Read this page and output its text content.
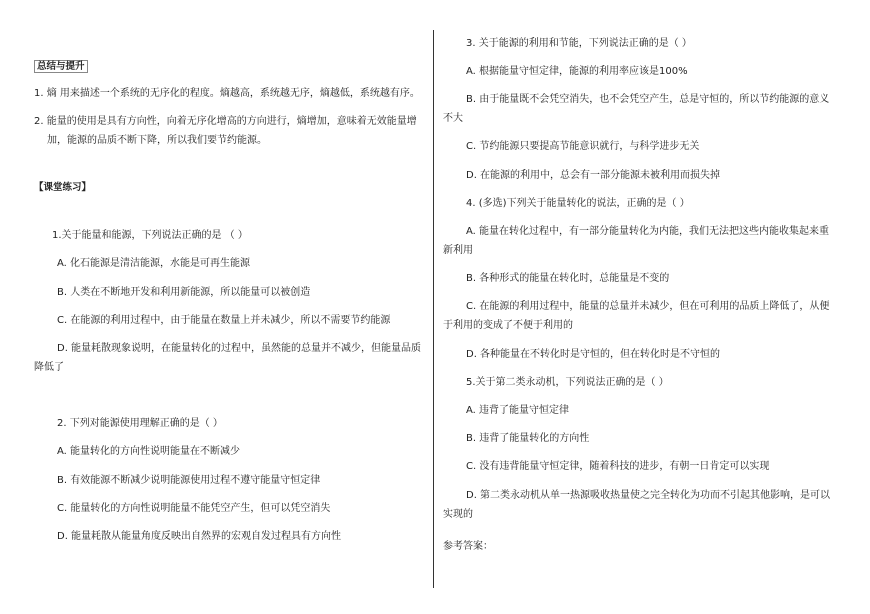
总结与提升
1. 熵 用来描述一个系统的无序化的程度。熵越高，系统越无序，熵越低，系统越有序。
2. 能量的使用是具有方向性，向着无序化增高的方向进行，熵增加，意味着无效能量增
加，能源的品质不断下降，所以我们要节约能源。
【课堂练习】
1.关于能量和能源，下列说法正确的是 （ ）
A. 化石能源是清洁能源，水能是可再生能源
B. 人类在不断地开发和利用新能源，所以能量可以被创造
C. 在能源的利用过程中，由于能量在数量上并未减少，所以不需要节约能源
D. 能量耗散现象说明，在能量转化的过程中，虽然能的总量并不减少，但能量品质
降低了
2. 下列对能源使用理解正确的是（ ）
A. 能量转化的方向性说明能量在不断减少
B. 有效能源不断减少说明能源使用过程不遵守能量守恒定律
C. 能量转化的方向性说明能量不能凭空产生，但可以凭空消失
D. 能量耗散从能量角度反映出自然界的宏观自发过程具有方向性
3. 关于能源的利用和节能，下列说法正确的是（ ）
A. 根据能量守恒定律，能源的利用率应该是100%
B. 由于能量既不会凭空消失，也不会凭空产生，总是守恒的，所以节约能源的意义
不大
C. 节约能源只要提高节能意识就行，与科学进步无关
D. 在能源的利用中，总会有一部分能源未被利用而损失掉
4. (多选)下列关于能量转化的说法，正确的是（ ）
A. 能量在转化过程中，有一部分能量转化为内能，我们无法把这些内能收集起来重
新利用
B. 各种形式的能量在转化时，总能量是不变的
C. 在能源的利用过程中，能量的总量并未减少，但在可利用的品质上降低了，从便
于利用的变成了不便于利用的
D. 各种能量在不转化时是守恒的，但在转化时是不守恒的
5.关于第二类永动机，下列说法正确的是（ ）
A. 违背了能量守恒定律
B. 违背了能量转化的方向性
C. 没有违背能量守恒定律，随着科技的进步，有朝一日肯定可以实现
D. 第二类永动机从单一热源吸收热量使之完全转化为功而不引起其他影响，是可以
实现的
参考答案：
